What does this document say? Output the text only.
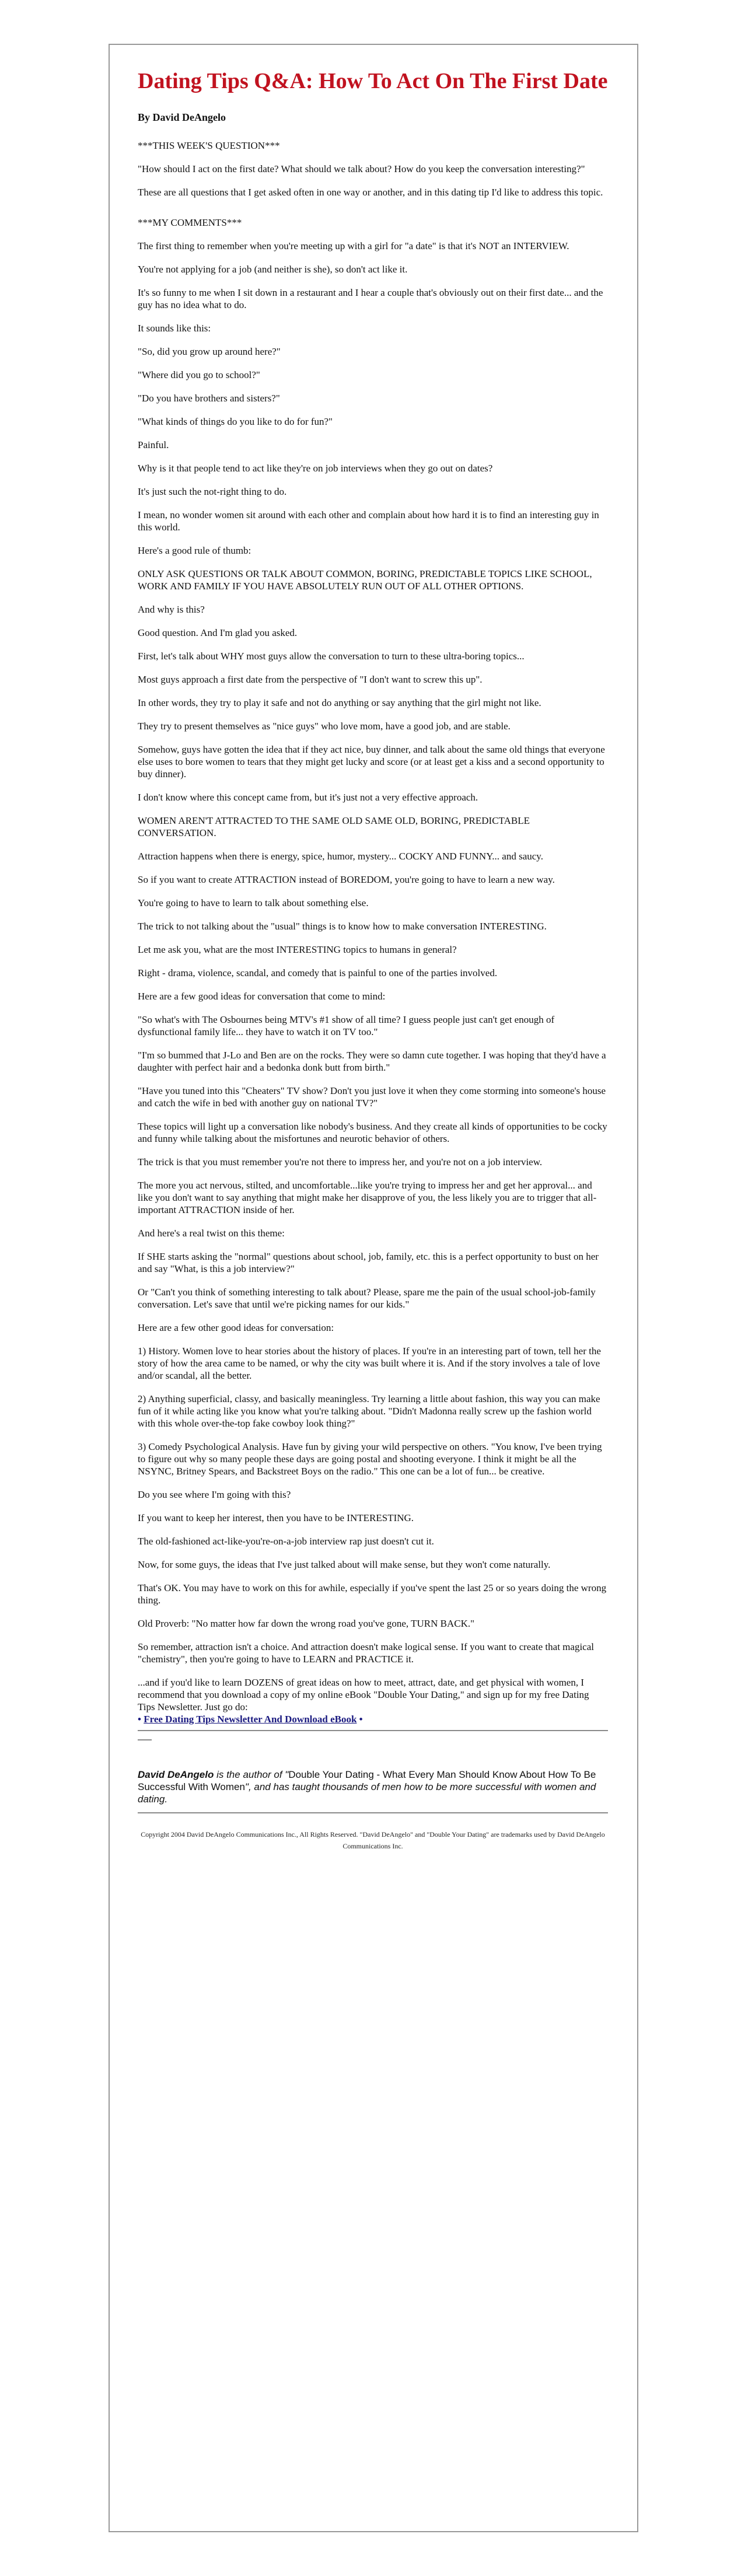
Dating Tips Q&A: How To Act On The First Date
By David DeAngelo

***THIS WEEK'S QUESTION***

"How should I act on the first date? What should we talk about? How do you keep the conversation interesting?"

These are all questions that I get asked often in one way or another, and in this dating tip I'd like to address this topic.

***MY COMMENTS***

The first thing to remember when you're meeting up with a girl for "a date" is that it's NOT an INTERVIEW.

You're not applying for a job (and neither is she), so don't act like it.

It's so funny to me when I sit down in a restaurant and I hear a couple that's obviously out on their first date... and the guy has no idea what to do.

It sounds like this:

"So, did you grow up around here?"

"Where did you go to school?"

"Do you have brothers and sisters?"

"What kinds of things do you like to do for fun?"

Painful.

Why is it that people tend to act like they're on job interviews when they go out on dates?

It's just such the not-right thing to do.

I mean, no wonder women sit around with each other and complain about how hard it is to find an interesting guy in this world.

Here's a good rule of thumb:

ONLY ASK QUESTIONS OR TALK ABOUT COMMON, BORING, PREDICTABLE TOPICS LIKE SCHOOL, WORK AND FAMILY IF YOU HAVE ABSOLUTELY RUN OUT OF ALL OTHER OPTIONS.

And why is this?

Good question. And I'm glad you asked.

First, let's talk about WHY most guys allow the conversation to turn to these ultra-boring topics...

Most guys approach a first date from the perspective of "I don't want to screw this up".

In other words, they try to play it safe and not do anything or say anything that the girl might not like.

They try to present themselves as "nice guys" who love mom, have a good job, and are stable.

Somehow, guys have gotten the idea that if they act nice, buy dinner, and talk about the same old things that everyone else uses to bore women to tears that they might get lucky and score (or at least get a kiss and a second opportunity to buy dinner).

I don't know where this concept came from, but it's just not a very effective approach.

WOMEN AREN'T ATTRACTED TO THE SAME OLD SAME OLD, BORING, PREDICTABLE CONVERSATION.

Attraction happens when there is energy, spice, humor, mystery... COCKY AND FUNNY... and saucy.

So if you want to create ATTRACTION instead of BOREDOM, you're going to have to learn a new way.

You're going to have to learn to talk about something else.

The trick to not talking about the "usual" things is to know how to make conversation INTERESTING.

Let me ask you, what are the most INTERESTING topics to humans in general?

Right - drama, violence, scandal, and comedy that is painful to one of the parties involved.

Here are a few good ideas for conversation that come to mind:

"So what's with The Osbournes being MTV's #1 show of all time? I guess people just can't get enough of dysfunctional family life... they have to watch it on TV too."

"I'm so bummed that J-Lo and Ben are on the rocks. They were so damn cute together. I was hoping that they'd have a daughter with perfect hair and a bedonka donk butt from birth."

"Have you tuned into this "Cheaters" TV show? Don't you just love it when they come storming into someone's house and catch the wife in bed with another guy on national TV?"

These topics will light up a conversation like nobody's business. And they create all kinds of opportunities to be cocky and funny while talking about the misfortunes and neurotic behavior of others.

The trick is that you must remember you're not there to impress her, and you're not on a job interview.

The more you act nervous, stilted, and uncomfortable...like you're trying to impress her and get her approval... and like you don't want to say anything that might make her disapprove of you, the less likely you are to trigger that all- important ATTRACTION inside of her.

And here's a real twist on this theme:

If SHE starts asking the "normal" questions about school, job, family, etc. this is a perfect opportunity to bust on her and say "What, is this a job interview?"

Or "Can't you think of something interesting to talk about? Please, spare me the pain of the usual school-job-family conversation. Let's save that until we're picking names for our kids."

Here are a few other good ideas for conversation:

1) History. Women love to hear stories about the history of places. If you're in an interesting part of town, tell her the story of how the area came to be named, or why the city was built where it is. And if the story involves a tale of love and/or scandal, all the better.

2) Anything superficial, classy, and basically meaningless. Try learning a little about fashion, this way you can make fun of it while acting like you know what you're talking about. "Didn't Madonna really screw up the fashion world with this whole over-the-top fake cowboy look thing?"

3) Comedy Psychological Analysis. Have fun by giving your wild perspective on others. "You know, I've been trying to figure out why so many people these days are going postal and shooting everyone. I think it might be all the NSYNC, Britney Spears, and Backstreet Boys on the radio." This one can be a lot of fun... be creative.

Do you see where I'm going with this?

If you want to keep her interest, then you have to be INTERESTING.

The old-fashioned act-like-you're-on-a-job interview rap just doesn't cut it.

Now, for some guys, the ideas that I've just talked about will make sense, but they won't come naturally.

That's OK. You may have to work on this for awhile, especially if you've spent the last 25 or so years doing the wrong thing.

Old Proverb: "No matter how far down the wrong road you've gone, TURN BACK."

So remember, attraction isn't a choice. And attraction doesn't make logical sense. If you want to create that magical "chemistry", then you're going to have to LEARN and PRACTICE it.

...and if you'd like to learn DOZENS of great ideas on how to meet, attract, date, and get physical with women, I recommend that you download a copy of my online eBook "Double Your Dating," and sign up for my free Dating Tips Newsletter. Just go do:

• Free Dating Tips Newsletter And Download eBook •

David DeAngelo is the author of "Double Your Dating - What Every Man Should Know About How To Be Successful With Women", and has taught thousands of men how to be more successful with women and dating.

Copyright 2004 David DeAngelo Communications Inc., All Rights Reserved. "David DeAngelo" and "Double Your Dating" are trademarks used by David DeAngelo Communications Inc.
